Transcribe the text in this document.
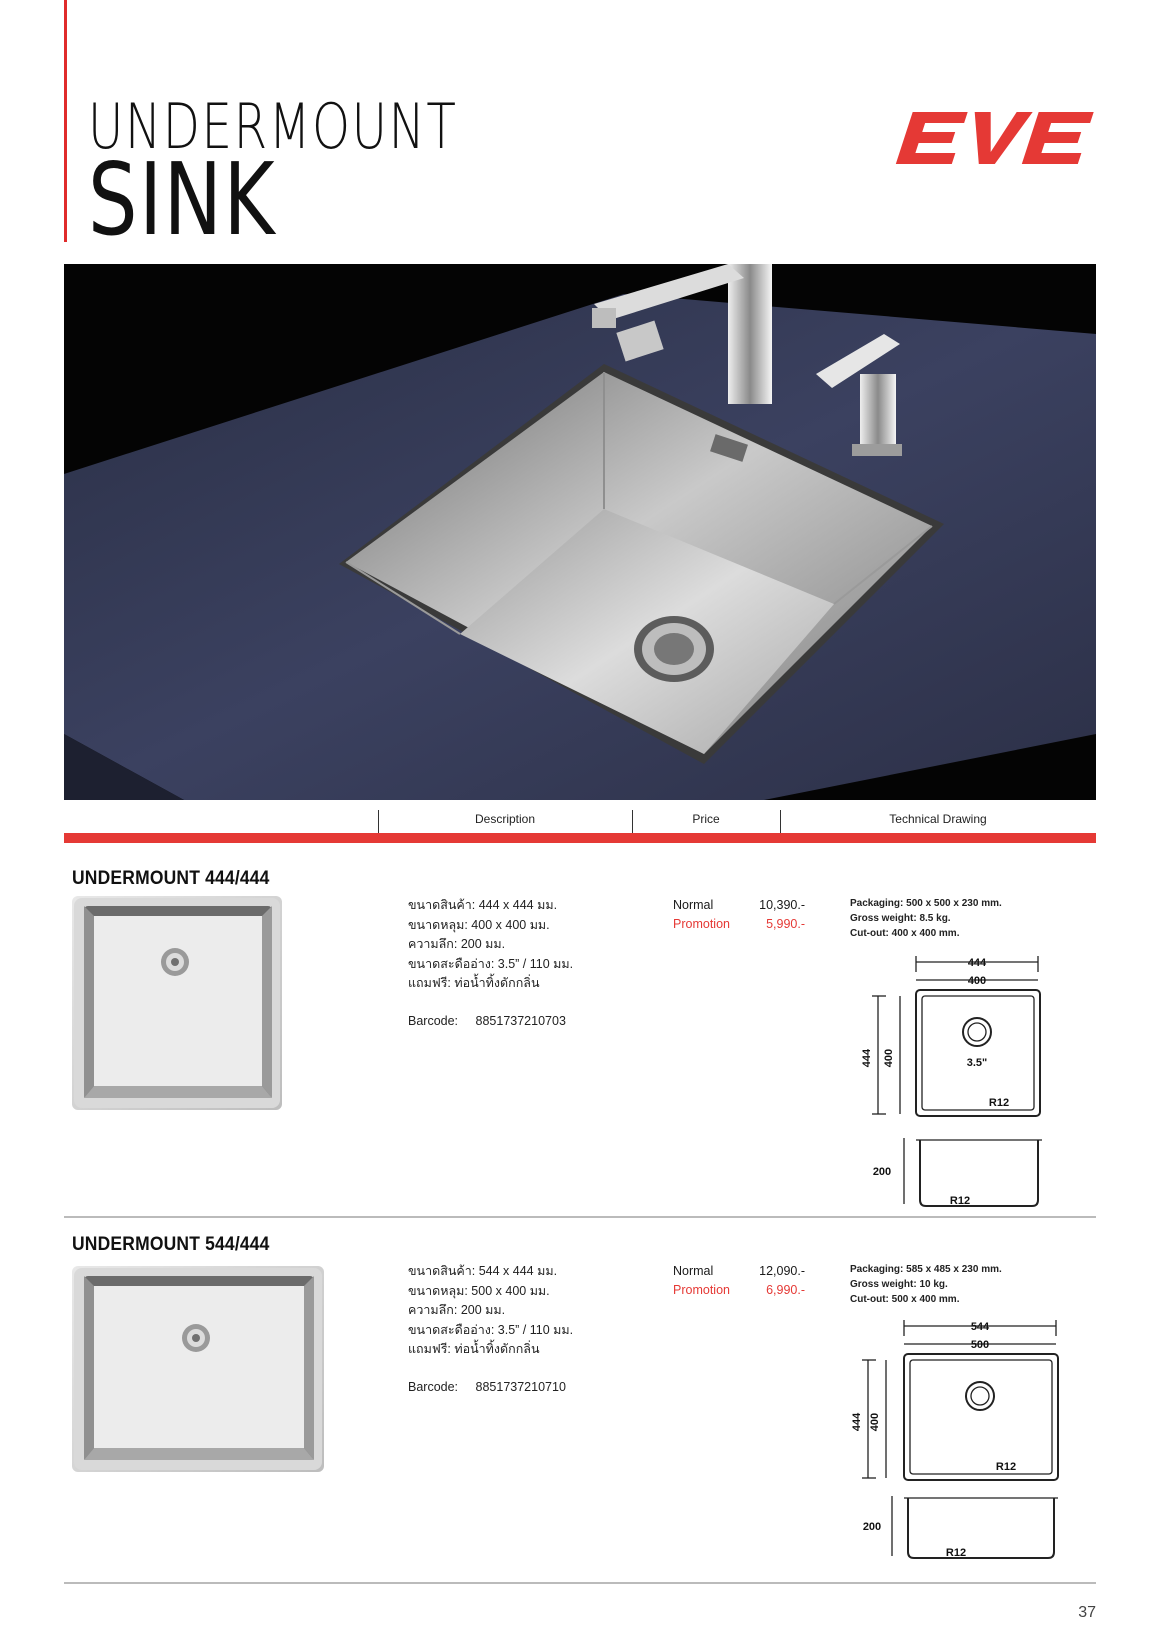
UNDERMOUNT
SINK
Description	Price	Technical Drawing
UNDERMOUNT 444/444
ขนาดสินค้า: 444 x 444 มม.
ขนาดหลุม: 400 x 400 มม.
ความลึก: 200 มม.
ขนาดสะดืออ่าง: 3.5” / 110 มม.
แถมฟรี: ท่อน้ำทิ้งดักกลิ่น
Barcode: 8851737210703
Normal	10,390.-
Promotion	5,990.-
Packaging: 500 x 500 x 230 mm.
Gross weight: 8.5 kg.
Cut-out: 400 x 400 mm.
444
400
444 400	3.5"
R12
200
R12
UNDERMOUNT 544/444
ขนาดสินค้า: 544 x 444 มม.
ขนาดหลุม: 500 x 400 มม.
ความลึก: 200 มม.
ขนาดสะดืออ่าง: 3.5” / 110 มม.
แถมฟรี: ท่อน้ำทิ้งดักกลิ่น
Barcode: 8851737210710
Normal	12,090.-
Promotion	6,990.-
Packaging: 585 x 485 x 230 mm.
Gross weight: 10 kg.
Cut-out: 500 x 400 mm.
544
500
444 400
R12
200
R12
37
